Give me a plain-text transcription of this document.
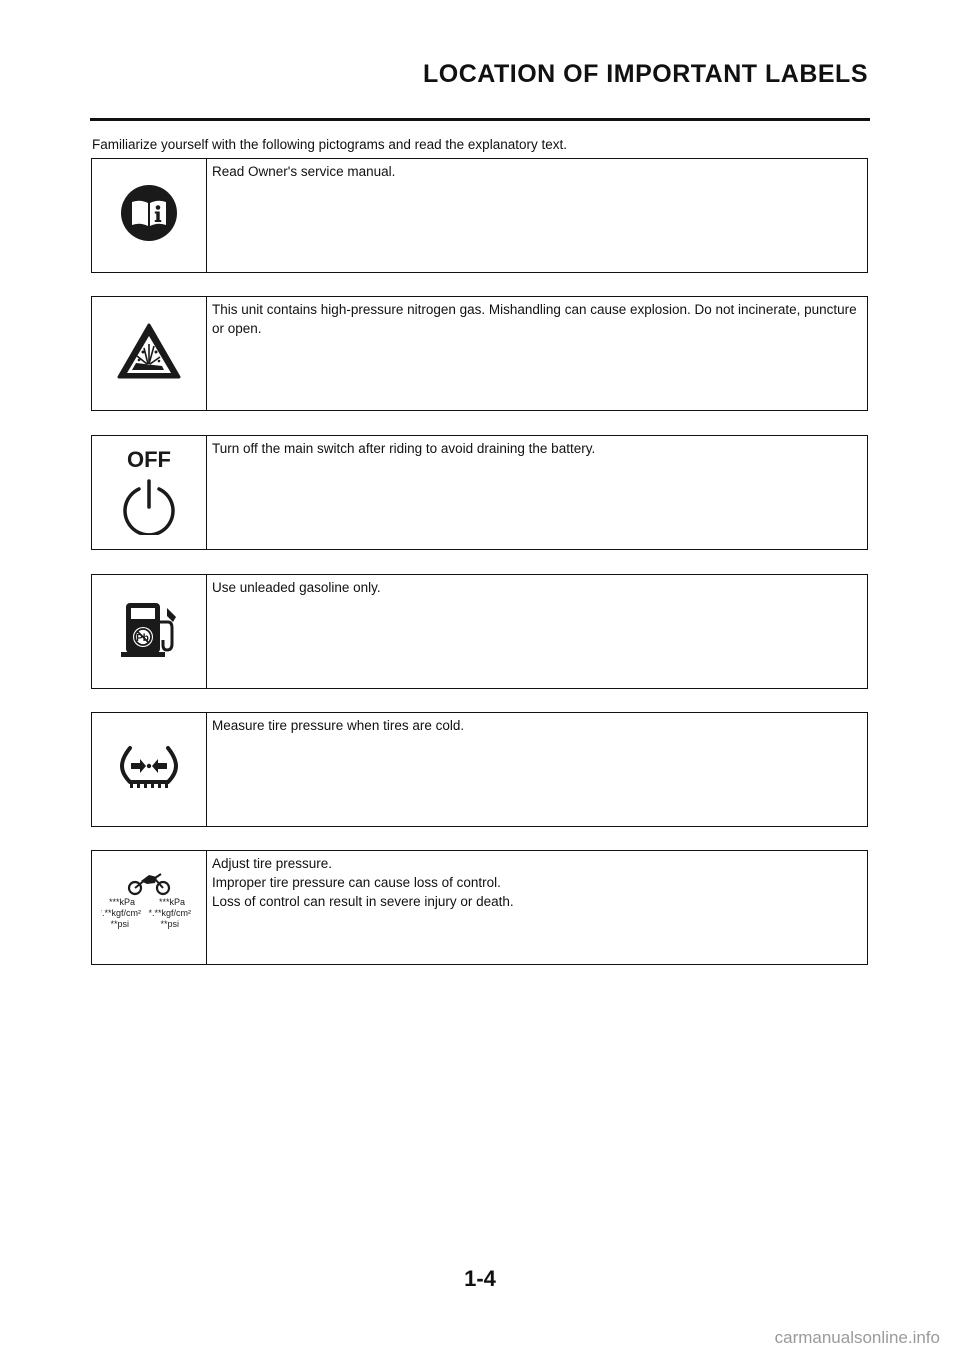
LOCATION OF IMPORTANT LABELS

Familiarize yourself with the following pictograms and read the explanatory text.

Read Owner's service manual.

This unit contains high-pressure nitrogen gas. Mishandling can cause explosion. Do not incinerate, puncture or open.

OFF	Turn off the main switch after riding to avoid draining the battery.

Pb

Use unleaded gasoline only.

Measure tire pressure when tires are cold.

***kPa
*.**kgf/cm²
**psi
***kPa
*.**kgf/cm²
**psi

Adjust tire pressure.

Improper tire pressure can cause loss of control.

Loss of control can result in severe injury or death.

1-4

carmanualsonline.info
